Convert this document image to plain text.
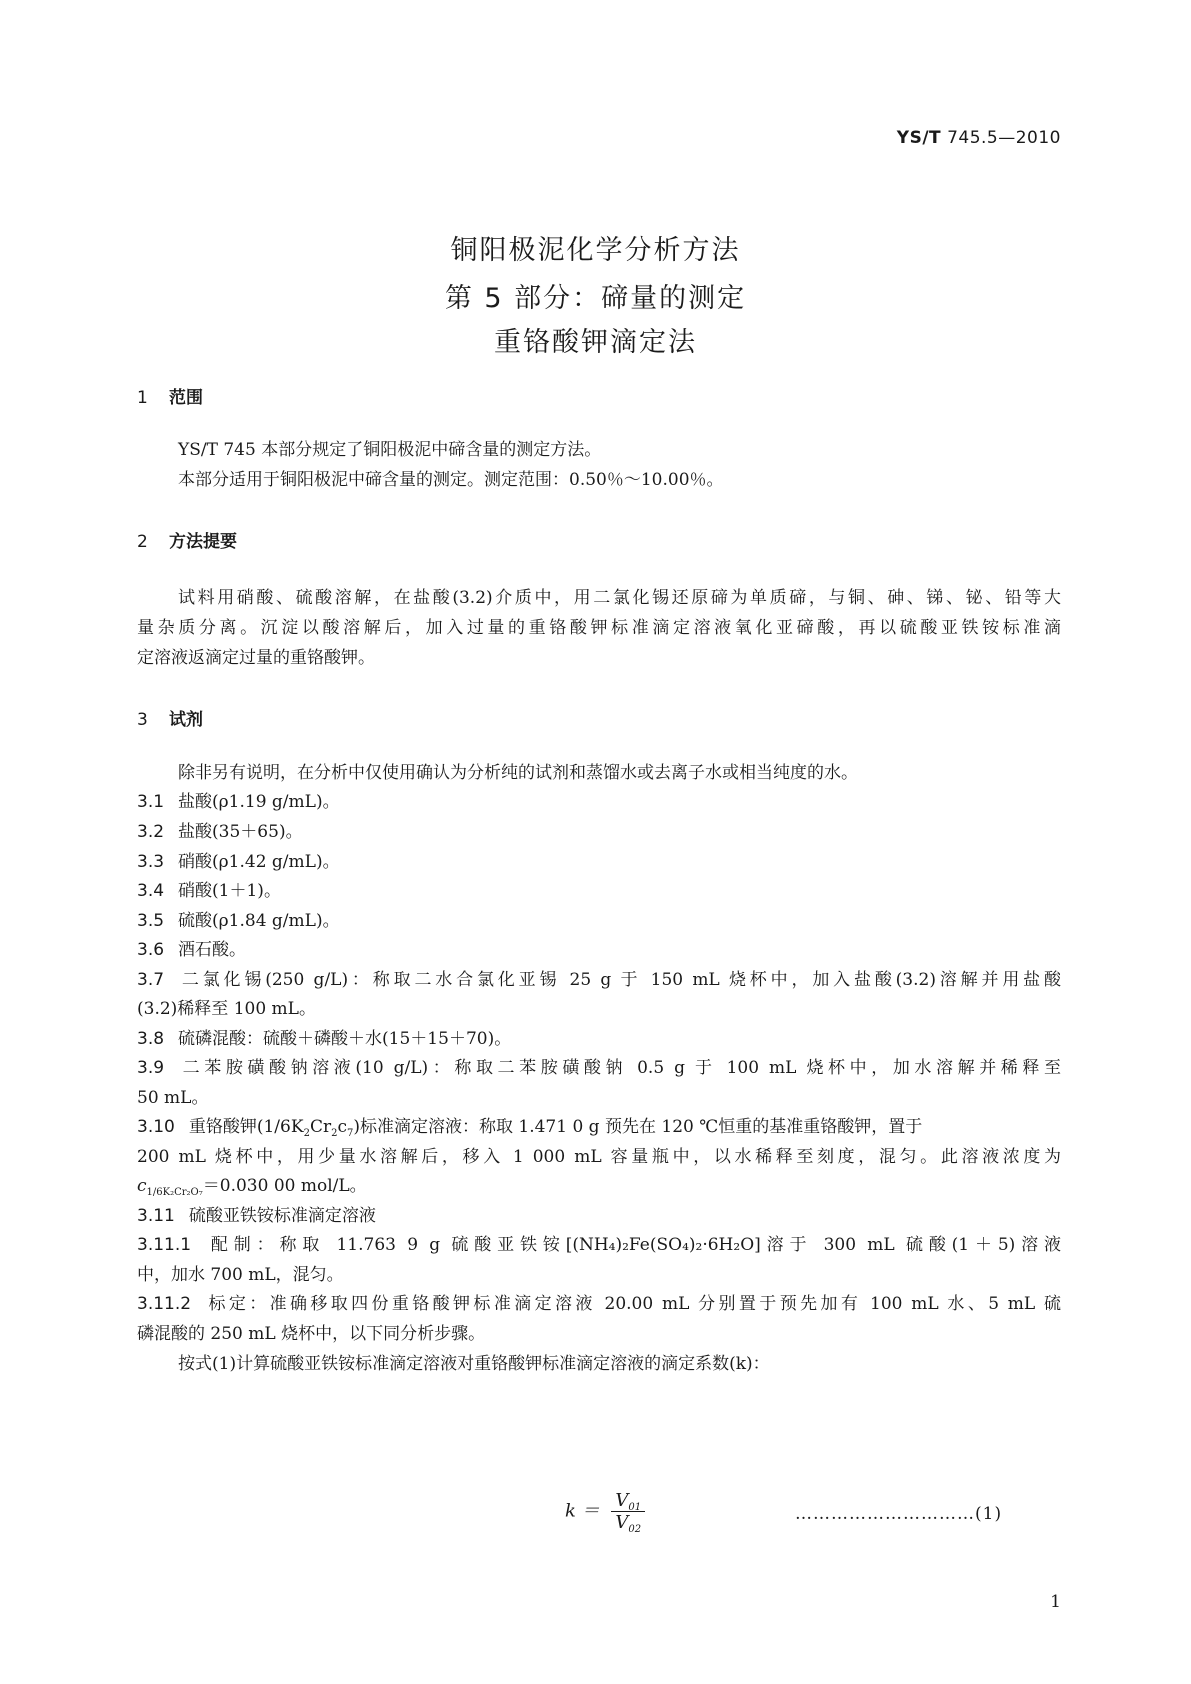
YS/T 745.5—2010
铜阳极泥化学分析方法
第 5 部分：碲量的测定
重铬酸钾滴定法
1 范围
YS/T 745 本部分规定了铜阳极泥中碲含量的测定方法。
本部分适用于铜阳极泥中碲含量的测定。测定范围：0.50％～10.00％。
2 方法提要
试料用硝酸、硫酸溶解，在盐酸(3.2)介质中，用二氯化锡还原碲为单质碲，与铜、砷、锑、铋、铅等大
量杂质分离。沉淀以酸溶解后，加入过量的重铬酸钾标准滴定溶液氧化亚碲酸，再以硫酸亚铁铵标准滴
定溶液返滴定过量的重铬酸钾。
3 试剂
除非另有说明，在分析中仅使用确认为分析纯的试剂和蒸馏水或去离子水或相当纯度的水。
3.1 盐酸(ρ1.19 g/mL)。
3.2 盐酸(35＋65)。
3.3 硝酸(ρ1.42 g/mL)。
3.4 硝酸(1＋1)。
3.5 硫酸(ρ1.84 g/mL)。
3.6 酒石酸。
3.7 二氯化锡(250 g/L)：称取二水合氯化亚锡 25 g 于 150 mL 烧杯中，加入盐酸(3.2)溶解并用盐酸
(3.2)稀释至 100 mL。
3.8 硫磷混酸：硫酸＋磷酸＋水(15＋15＋70)。
3.9 二苯胺磺酸钠溶液(10 g/L)：称取二苯胺磺酸钠 0.5 g 于 100 mL 烧杯中，加水溶解并稀释至
50 mL。
3.10 重铬酸钾$(1/6K_2Cr_2c_7)$标准滴定溶液：称取 1.471 0 g 预先在 120 ℃恒重的基准重铬酸钾，置于
200 mL 烧杯中，用少量水溶解后，移入 1 000 mL 容量瓶中，以水稀释至刻度，混匀。此溶液浓度为
$c_{1/6K_2Cr_2O_7}=0.030$ 00 mol/L。
3.11 硫酸亚铁铵标准滴定溶液
3.11.1 配制：称取 11.763 9 g 硫酸亚铁铵[(NH₄)₂Fe(SO₄)₂·6H₂O]溶于 300 mL 硫酸(1＋5)溶液
中，加水 700 mL，混匀。
3.11.2 标定：准确移取四份重铬酸钾标准滴定溶液 20.00 mL 分别置于预先加有 100 mL 水、5 mL 硫
磷混酸的 250 mL 烧杯中，以下同分析步骤。
按式(1)计算硫酸亚铁铵标准滴定溶液对重铬酸钾标准滴定溶液的滴定系数(k)：
$k = \frac{V_{01}}{V_{02}}$	…………………………(1)
1
